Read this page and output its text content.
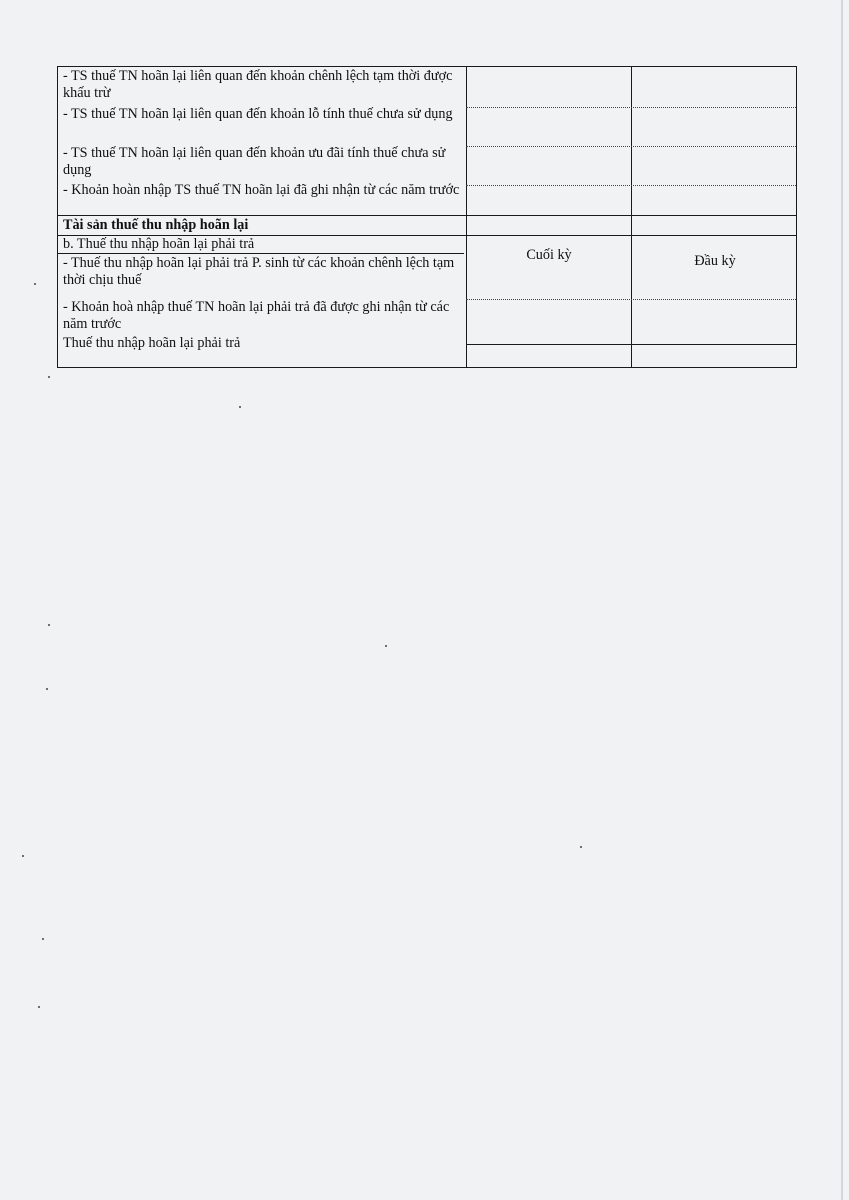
- TS thuế TN hoãn lại liên quan đến khoản chênh lệch tạm thời được khấu trừ
- TS thuế TN hoãn lại liên quan đến khoản lỗ tính thuế chưa sử dụng
- TS thuế TN hoãn lại liên quan đến khoản ưu đãi tính thuế chưa sử dụng
- Khoản hoàn nhập TS thuế TN hoãn lại đã ghi nhận từ các năm trước
Tài sản thuế thu nhập hoãn lại
b. Thuế thu nhập hoãn lại phải trả
Cuối kỳ	Đầu kỳ
- Thuế thu nhập hoãn lại phải trả P. sinh từ các khoản chênh lệch tạm thời chịu thuế
- Khoản hoà nhập thuế TN hoãn lại phải trả đã được ghi nhận từ các năm trước
Thuế thu nhập hoãn lại phải trả
